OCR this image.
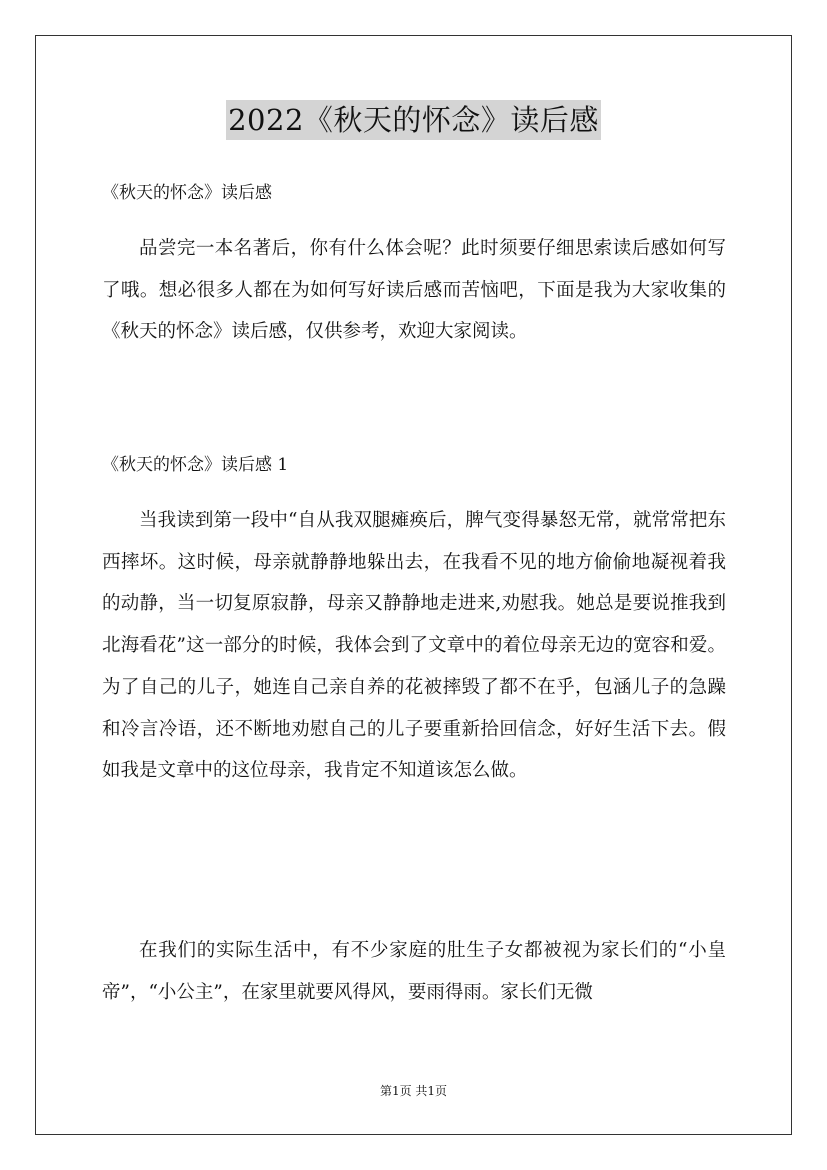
2022《秋天的怀念》读后感
《秋天的怀念》读后感

品尝完一本名著后，你有什么体会呢？此时须要仔细思索读后感如何写了哦。想必很多人都在为如何写好读后感而苦恼吧，下面是我为大家收集的《秋天的怀念》读后感，仅供参考，欢迎大家阅读。

《秋天的怀念》读后感 1

当我读到第一段中“自从我双腿瘫痪后，脾气变得暴怒无常，就常常把东西摔坏。这时候，母亲就静静地躲出去，在我看不见的地方偷偷地凝视着我的动静，当一切复原寂静，母亲又静静地走进来,劝慰我。她总是要说推我到北海看花”这一部分的时候，我体会到了文章中的着位母亲无边的宽容和爱。为了自己的儿子，她连自己亲自养的花被摔毁了都不在乎，包涵儿子的急躁和冷言冷语，还不断地劝慰自己的儿子要重新拾回信念，好好生活下去。假如我是文章中的这位母亲，我肯定不知道该怎么做。

在我们的实际生活中，有不少家庭的肚生子女都被视为家长们的“小皇帝”，“小公主”，在家里就要风得风，要雨得雨。家长们无微

第1页 共1页
